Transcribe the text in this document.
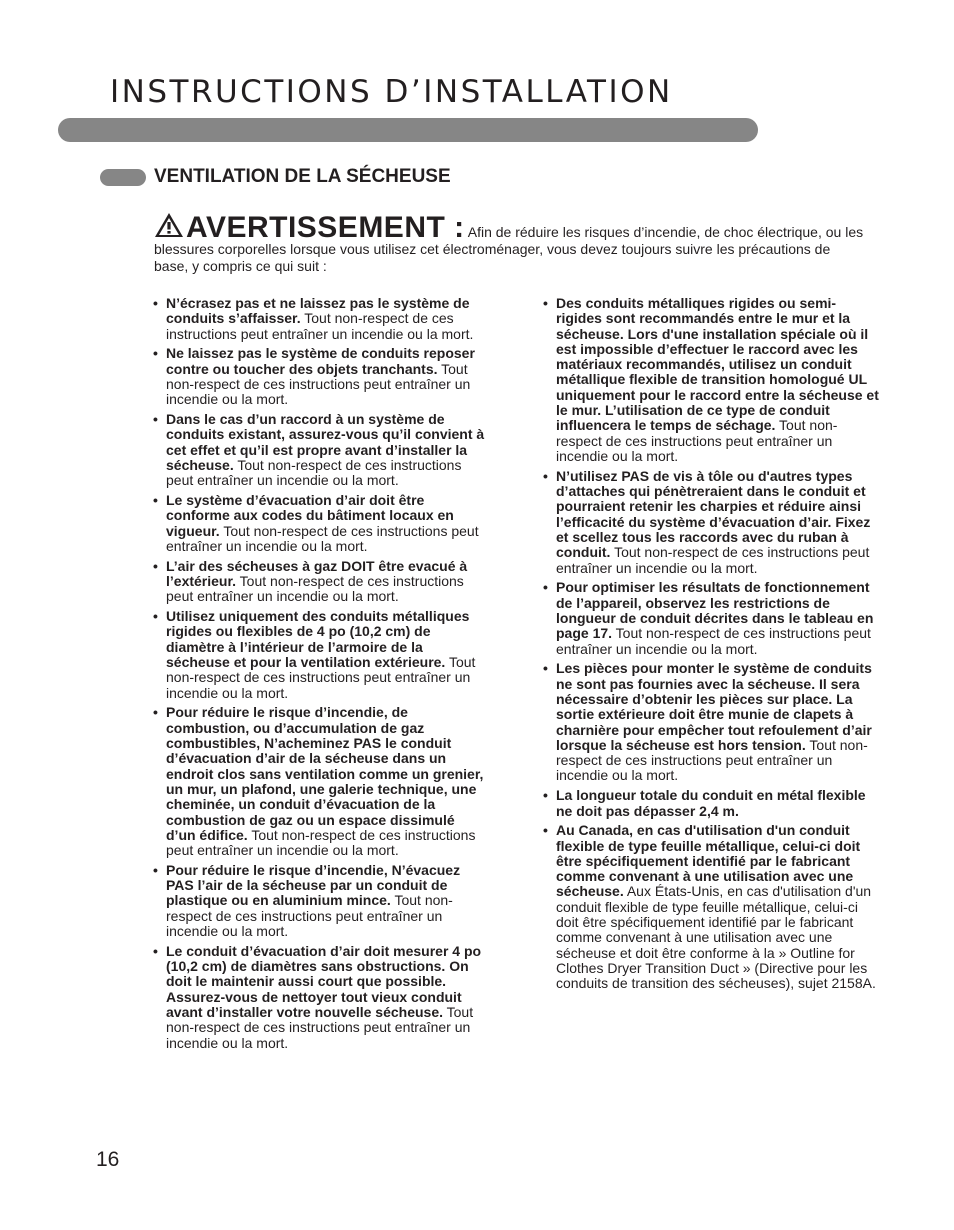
INSTRUCTIONS D’INSTALLATION
VENTILATION DE LA SÉCHEUSE
AVERTISSEMENT : Afin de réduire les risques d’incendie, de choc électrique, ou les blessures corporelles lorsque vous utilisez cet électroménager, vous devez toujours suivre les précautions de base, y compris ce qui suit :
• N’écrasez pas et ne laissez pas le système de conduits s’affaisser. Tout non-respect de ces instructions peut entraîner un incendie ou la mort.
• Ne laissez pas le système de conduits reposer contre ou toucher des objets tranchants. Tout non-respect de ces instructions peut entraîner un incendie ou la mort.
• Dans le cas d’un raccord à un système de conduits existant, assurez-vous qu’il convient à cet effet et qu’il est propre avant d’installer la sécheuse. Tout non-respect de ces instructions peut entraîner un incendie ou la mort.
• Le système d’évacuation d’air doit être conforme aux codes du bâtiment locaux en vigueur. Tout non-respect de ces instructions peut entraîner un incendie ou la mort.
• L’air des sécheuses à gaz DOIT être evacué à l’extérieur. Tout non-respect de ces instructions peut entraîner un incendie ou la mort.
• Utilisez uniquement des conduits métalliques rigides ou flexibles de 4 po (10,2 cm) de diamètre à l’intérieur de l’armoire de la sécheuse et pour la ventilation extérieure. Tout non-respect de ces instructions peut entraîner un incendie ou la mort.
• Pour réduire le risque d’incendie, de combustion, ou d’accumulation de gaz combustibles, N’acheminez PAS le conduit d’évacuation d’air de la sécheuse dans un endroit clos sans ventilation comme un grenier, un mur, un plafond, une galerie technique, une cheminée, un conduit d’évacuation de la combustion de gaz ou un espace dissimulé d’un édifice. Tout non-respect de ces instructions peut entraîner un incendie ou la mort.
• Pour réduire le risque d’incendie, N’évacuez PAS l’air de la sécheuse par un conduit de plastique ou en aluminium mince. Tout non-respect de ces instructions peut entraîner un incendie ou la mort.
• Le conduit d’évacuation d’air doit mesurer 4 po (10,2 cm) de diamètres sans obstructions. On doit le maintenir aussi court que possible. Assurez-vous de nettoyer tout vieux conduit avant d’installer votre nouvelle sécheuse. Tout non-respect de ces instructions peut entraîner un incendie ou la mort.
• Des conduits métalliques rigides ou semi-rigides sont recommandés entre le mur et la sécheuse. Lors d'une installation spéciale où il est impossible d’effectuer le raccord avec les matériaux recommandés, utilisez un conduit métallique flexible de transition homologué UL uniquement pour le raccord entre la sécheuse et le mur. L’utilisation de ce type de conduit influencera le temps de séchage. Tout non-respect de ces instructions peut entraîner un incendie ou la mort.
• N’utilisez PAS de vis à tôle ou d'autres types d’attaches qui pénètreraient dans le conduit et pourraient retenir les charpies et réduire ainsi l’efficacité du système d’évacuation d’air. Fixez et scellez tous les raccords avec du ruban à conduit. Tout non-respect de ces instructions peut entraîner un incendie ou la mort.
• Pour optimiser les résultats de fonctionnement de l’appareil, observez les restrictions de longueur de conduit décrites dans le tableau en page 17. Tout non-respect de ces instructions peut entraîner un incendie ou la mort.
• Les pièces pour monter le système de conduits ne sont pas fournies avec la sécheuse. Il sera nécessaire d’obtenir les pièces sur place. La sortie extérieure doit être munie de clapets à charnière pour empêcher tout refoulement d’air lorsque la sécheuse est hors tension. Tout non-respect de ces instructions peut entraîner un incendie ou la mort.
• La longueur totale du conduit en métal flexible ne doit pas dépasser 2,4 m.
• Au Canada, en cas d'utilisation d'un conduit flexible de type feuille métallique, celui-ci doit être spécifiquement identifié par le fabricant comme convenant à une utilisation avec une sécheuse. Aux États-Unis, en cas d'utilisation d'un conduit flexible de type feuille métallique, celui-ci doit être spécifiquement identifié par le fabricant comme convenant à une utilisation avec une sécheuse et doit être conforme à la » Outline for Clothes Dryer Transition Duct » (Directive pour les conduits de transition des sécheuses), sujet 2158A.
16
